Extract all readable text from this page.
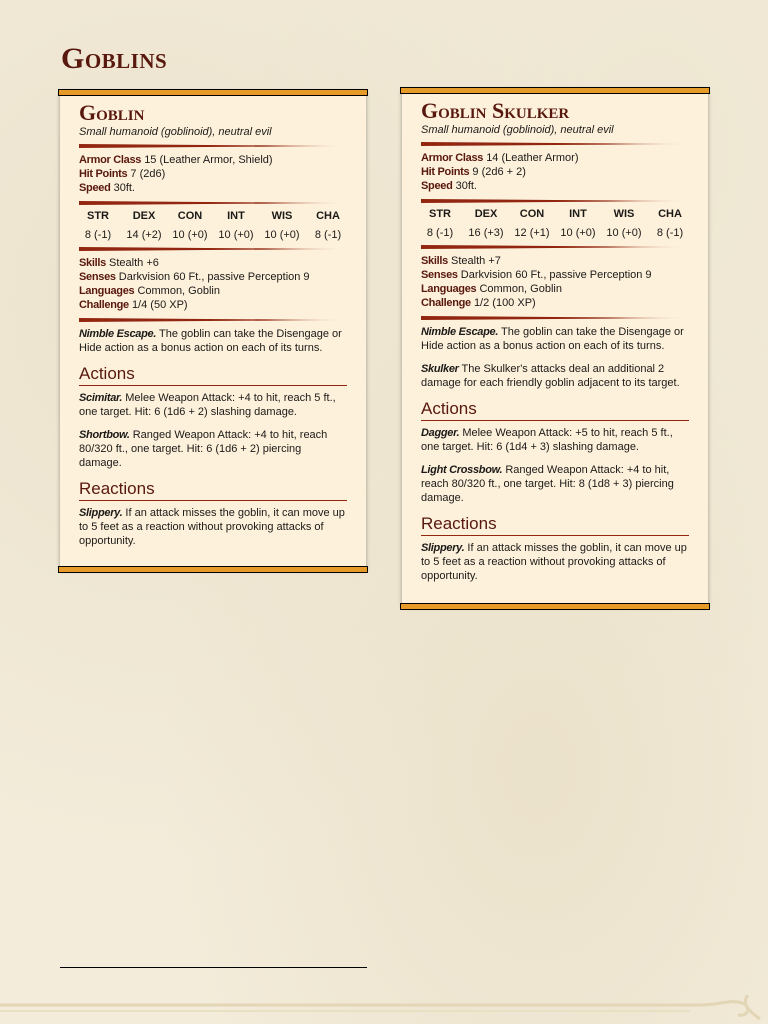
Goblins
Goblin
Small humanoid (goblinoid), neutral evil
Armor Class 15 (Leather Armor, Shield)
Hit Points 7 (2d6)
Speed 30ft.
STR
8 (-1)
DEX
14 (+2)
CON
10 (+0)
INT
10 (+0)
WIS
10 (+0)
CHA
8 (-1)
Skills Stealth +6
Senses Darkvision 60 Ft., passive Perception 9
Languages Common, Goblin
Challenge 1/4 (50 XP)
Nimble Escape. The goblin can take the Disengage or Hide action as a bonus action on each of its turns.
Actions
Scimitar. Melee Weapon Attack: +4 to hit, reach 5 ft., one target. Hit: 6 (1d6 + 2) slashing damage.
Shortbow. Ranged Weapon Attack: +4 to hit, reach 80/320 ft., one target. Hit: 6 (1d6 + 2) piercing damage.
Reactions
Slippery. If an attack misses the goblin, it can move up to 5 feet as a reaction without provoking attacks of opportunity.
Goblin Skulker
Small humanoid (goblinoid), neutral evil
Armor Class 14 (Leather Armor)
Hit Points 9 (2d6 + 2)
Speed 30ft.
STR
8 (-1)
DEX
16 (+3)
CON
12 (+1)
INT
10 (+0)
WIS
10 (+0)
CHA
8 (-1)
Skills Stealth +7
Senses Darkvision 60 Ft., passive Perception 9
Languages Common, Goblin
Challenge 1/2 (100 XP)
Nimble Escape. The goblin can take the Disengage or Hide action as a bonus action on each of its turns.
Skulker The Skulker's attacks deal an additional 2 damage for each friendly goblin adjacent to its target.
Actions
Dagger. Melee Weapon Attack: +5 to hit, reach 5 ft., one target. Hit: 6 (1d4 + 3) slashing damage.
Light Crossbow. Ranged Weapon Attack: +4 to hit, reach 80/320 ft., one target. Hit: 8 (1d8 + 3) piercing damage.
Reactions
Slippery. If an attack misses the goblin, it can move up to 5 feet as a reaction without provoking attacks of opportunity.
